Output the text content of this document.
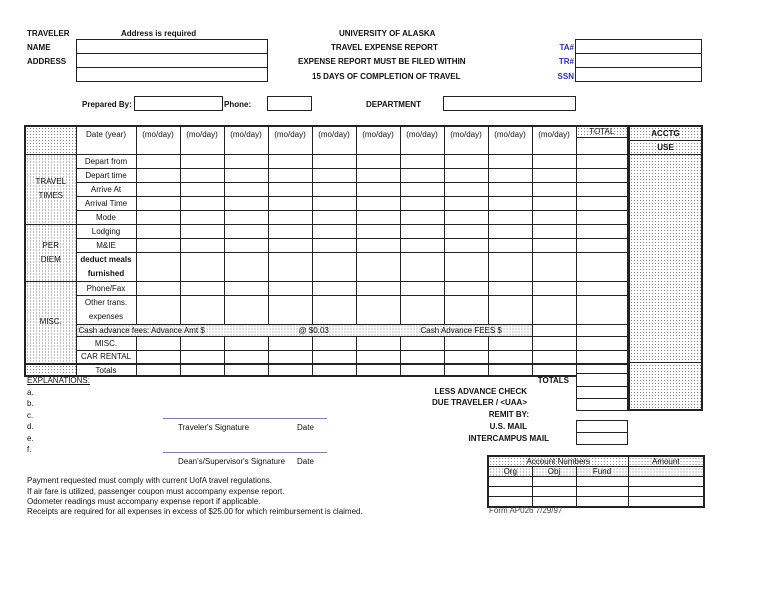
TRAVELER	Address is required	UNIVERSITY OF ALASKA
NAME
ADDRESS
TRAVEL EXPENSE REPORT
EXPENSE REPORT MUST BE FILED WITHIN
15 DAYS OF COMPLETION OF TRAVEL
TA#
TR#
SSN
Prepared By:	Phone:	DEPARTMENT
	Date (year)	(mo/day)	(mo/day)	(mo/day)	(mo/day)	(mo/day)	(mo/day)	(mo/day)	(mo/day)	(mo/day)	(mo/day)	TOTAL

TRAVEL
TIMES	Depart from											
	Depart time											
	Arrive At											
	Arrival Time											
	Mode											

PER
DIEM	Lodging											
	M&IE											
	deduct meals furnished											

MISC.	Phone/Fax											
	Other trans. expenses											

	Cash advance fees: Advance Amt $ @ $0.03 Cash Advance FEES $											

	MISC.											
	CAR RENTAL											
	Totals											
ACCTG
USE
TOTALS
LESS ADVANCE CHECK
DUE TRAVELER / <UAA>
REMIT BY:
U.S. MAIL
INTERCAMPUS MAIL
EXPLANATIONS:
a.
b.
c.
d.
e.
f.
Traveler's Signature	Date
Dean's/Supervisor's Signature Date
Payment requested must comply with current UofA travel regulations.
If air fare is utilized, passenger coupon must accompany expense report.
Odometer readings must accompany expense report if applicable.
Receipts are required for all expenses in excess of $25.00 for which reimbursement is claimed.
Account Numbers			Amount
Org	Obj	Fund	

Form AP026 7/29/97
